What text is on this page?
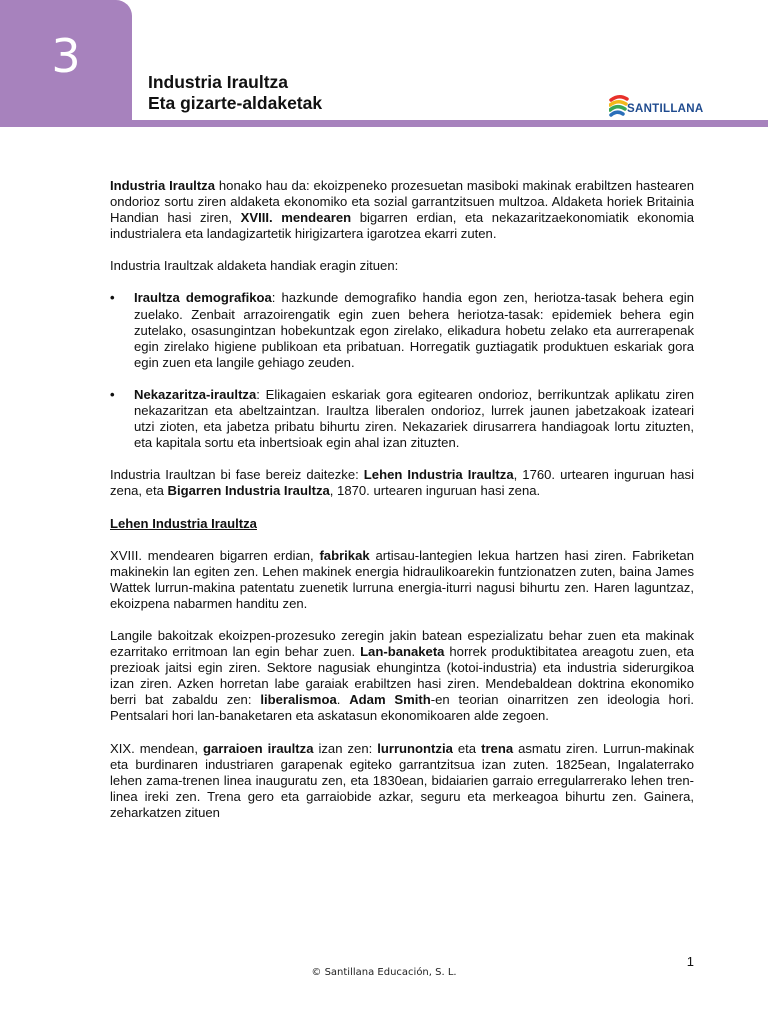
3	Industria Iraultza
Eta gizarte-aldaketak	SANTILLANA

Industria Iraultza honako hau da: ekoizpeneko prozesuetan masiboki makinak erabiltzen hastearen ondorioz sortu ziren aldaketa ekonomiko eta sozial garrantzitsuen multzoa. Aldaketa horiek Britainia Handian hasi ziren, XVIII. mendearen bigarren erdian, eta nekazaritzaekonomiatik ekonomia industrialera eta landagizartetik hirigizartera igarotzea ekarri zuten.

Industria Iraultzak aldaketa handiak eragin zituen:

• Iraultza demografikoa: hazkunde demografiko handia egon zen, heriotza-tasak behera egin zuelako. Zenbait arrazoirengatik egin zuen behera heriotza-tasak: epidemiek behera egin zutelako, osasungintzan hobekuntzak egon zirelako, elikadura hobetu zelako eta aurrerapenak egin zirelako higiene publikoan eta pribatuan. Horregatik guztiagatik produktuen eskariak gora egin zuen eta langile gehiago zeuden.
• Nekazaritza-iraultza: Elikagaien eskariak gora egitearen ondorioz, berrikuntzak aplikatu ziren nekazaritzan eta abeltzaintzan. Iraultza liberalen ondorioz, lurrek jaunen jabetzakoak izateari utzi zioten, eta jabetza pribatu bihurtu ziren. Nekazariek dirusarrera handiagoak lortu zituzten, eta kapitala sortu eta inbertsioak egin ahal izan zituzten.

Industria Iraultzan bi fase bereiz daitezke: Lehen Industria Iraultza, 1760. urtearen inguruan hasi zena, eta Bigarren Industria Iraultza, 1870. urtearen inguruan hasi zena.

Lehen Industria Iraultza

XVIII. mendearen bigarren erdian, fabrikak artisau-lantegien lekua hartzen hasi ziren. Fabriketan makinekin lan egiten zen. Lehen makinek energia hidraulikoarekin funtzionatzen zuten, baina James Wattek lurrun-makina patentatu zuenetik lurruna energia-iturri nagusi bihurtu zen. Haren laguntzaz, ekoizpena nabarmen handitu zen.

Langile bakoitzak ekoizpen-prozesuko zeregin jakin batean espezializatu behar zuen eta makinak ezarritako erritmoan lan egin behar zuen. Lan-banaketa horrek produktibitatea areagotu zuen, eta prezioak jaitsi egin ziren. Sektore nagusiak ehungintza (kotoi-industria) eta industria siderurgikoa izan ziren. Azken horretan labe garaiak erabiltzen hasi ziren. Mendebaldean doktrina ekonomiko berri bat zabaldu zen: liberalismoa. Adam Smith-en teorian oinarritzen zen ideologia hori. Pentsalari hori lan-banaketaren eta askatasun ekonomikoaren alde zegoen.

XIX. mendean, garraioen iraultza izan zen: lurrunontzia eta trena asmatu ziren. Lurrun-makinak eta burdinaren industriaren garapenak egiteko garrantzitsua izan zuten. 1825ean, Ingalaterrako lehen zama-trenen linea inauguratu zen, eta 1830ean, bidaiarien garraio erregularrerako lehen tren-linea ireki zen. Trena gero eta garraiobide azkar, seguru eta merkeagoa bihurtu zen. Gainera, zeharkatzen zituen

1
© Santillana Educación, S. L.
